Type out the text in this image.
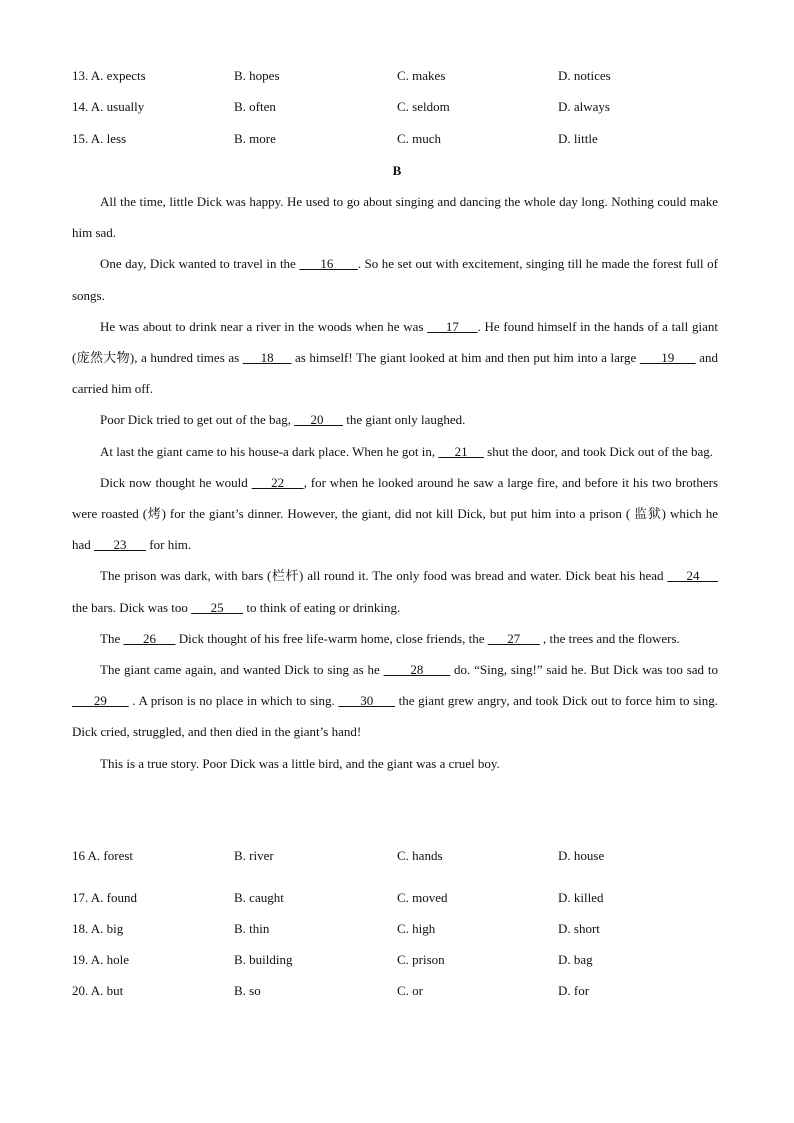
13. A. expects	B. hopes	C. makes	D. notices
14. A. usually	B. often	C. seldom	D. always
15. A. less	B. more	C. much	D. little
B

All the time, little Dick was happy. He used to go about singing and dancing the whole day long. Nothing could make him sad.

One day, Dick wanted to travel in the       16       . So he set out with excitement, singing till he made the forest full of songs.

He was about to drink near a river in the woods when he was      17     . He found himself in the hands of a tall giant (庞然大物), a hundred times as      18      as himself! The giant looked at him and then put him into a large       19       and carried him off.

Poor Dick tried to get out of the bag,      20       the giant only laughed.

At last the giant came to his house-a dark place. When he got in,      21      shut the door, and took Dick out of the bag.

Dick now thought he would      22     , for when he looked around he saw a large fire, and before it his two brothers were roasted (烤) for the giant’s dinner. However, the giant, did not kill Dick, but put him into a prison ( 监狱) which he had       23       for him.

The prison was dark, with bars (栏杆) all round it. The only food was bread and water. Dick beat his head      24      the bars. Dick was too       25       to think of eating or drinking.

The       26       Dick thought of his free life-warm home, close friends, the       27       , the trees and the flowers.

The giant came again, and wanted Dick to sing as he        28        do. “Sing, sing!” said he. But Dick was too sad to       29       . A prison is no place in which to sing.       30       the giant grew angry, and took Dick out to force him to sing. Dick cried, struggled, and then died in the giant’s hand!

This is a true story. Poor Dick was a little bird, and the giant was a cruel boy.

16 A. forest	B. river	C. hands	D. house
17. A. found	B. caught	C. moved	D. killed
18. A. big	B. thin	C. high	D. short
19. A. hole	B. building	C. prison	D. bag
20. A. but	B. so	C. or	D. for
